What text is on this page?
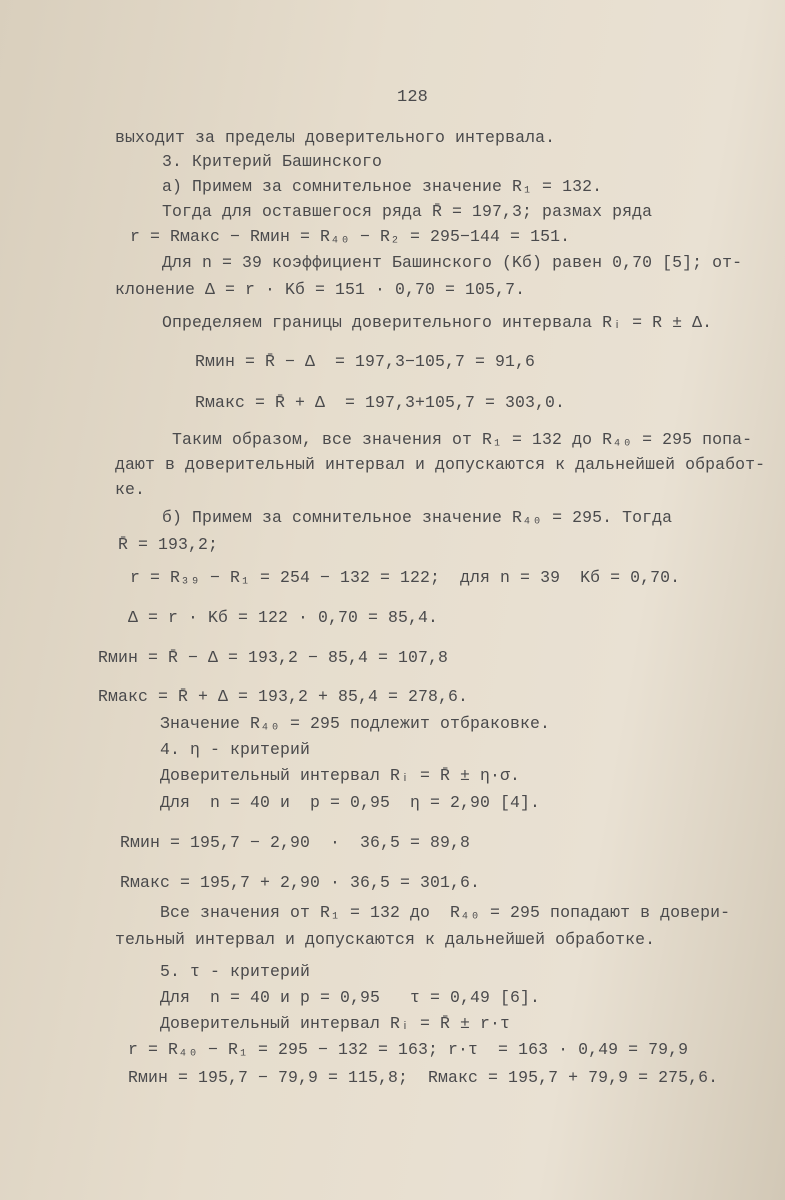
128
выходит за пределы доверительного интервала.
3. Критерий Башинского
а) Примем за сомнительное значение R₁ = 132.
Тогда для оставшегося ряда R̄ = 197,3; размах ряда
r = Rмакс − Rмин = R₄₀ − R₂ = 295−144 = 151.
Для n = 39 коэффициент Башинского (Kб) равен 0,70 [5]; от-
клонение Δ = r · Kб = 151 · 0,70 = 105,7.
Определяем границы доверительного интервала Rᵢ = R ± Δ.
Rмин = R̄ − Δ  = 197,3−105,7 = 91,6
Rмакс = R̄ + Δ  = 197,3+105,7 = 303,0.
Таким образом, все значения от R₁ = 132 до R₄₀ = 295 попа-
дают в доверительный интервал и допускаются к дальнейшей обработ-
ке.
б) Примем за сомнительное значение R₄₀ = 295. Тогда
R̄ = 193,2;
r = R₃₉ − R₁ = 254 − 132 = 122;  для n = 39  Kб = 0,70.
Δ = r · Kб = 122 · 0,70 = 85,4.
Rмин = R̄ − Δ = 193,2 − 85,4 = 107,8
Rмакс = R̄ + Δ = 193,2 + 85,4 = 278,6.
Значение R₄₀ = 295 подлежит отбраковке.
4. η - критерий
Доверительный интервал Rᵢ = R̄ ± η·σ.
Для  n = 40 и  p = 0,95  η = 2,90 [4].
Rмин = 195,7 − 2,90  ·  36,5 = 89,8
Rмакс = 195,7 + 2,90 · 36,5 = 301,6.
Все значения от R₁ = 132 до  R₄₀ = 295 попадают в довери-
тельный интервал и допускаются к дальнейшей обработке.
5. τ - критерий
Для  n = 40 и p = 0,95   τ = 0,49 [6].
Доверительный интервал Rᵢ = R̄ ± r·τ
r = R₄₀ − R₁ = 295 − 132 = 163; r·τ  = 163 · 0,49 = 79,9
Rмин = 195,7 − 79,9 = 115,8;  Rмакс = 195,7 + 79,9 = 275,6.
